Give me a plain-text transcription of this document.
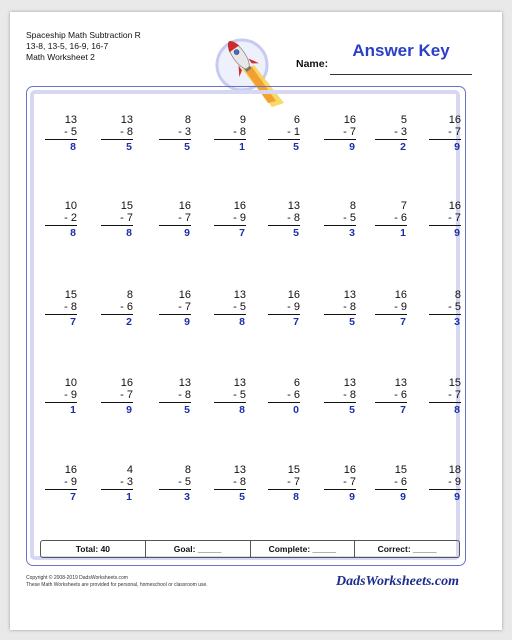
Spaceship Math Subtraction R
13-8, 13-5, 16-9, 16-7
Math Worksheet 2
Name:
Answer Key
Total: 40	Goal: _____	Complete: _____	Correct: _____
Copyright © 2008-2019 DadsWorksheets.com
These Math Worksheets are provided for personal, homeschool or classroom use.	DadsWorksheets.com
13
- 5
8
13
- 8
5
8
- 3
5
9
- 8
1
6
- 1
5
16
- 7
9
5
- 3
2
16
- 7
9
10
- 2
8
15
- 7
8
16
- 7
9
16
- 9
7
13
- 8
5
8
- 5
3
7
- 6
1
16
- 7
9
15
- 8
7
8
- 6
2
16
- 7
9
13
- 5
8
16
- 9
7
13
- 8
5
16
- 9
7
8
- 5
3
10
- 9
1
16
- 7
9
13
- 8
5
13
- 5
8
6
- 6
0
13
- 8
5
13
- 6
7
15
- 7
8
16
- 9
7
4
- 3
1
8
- 5
3
13
- 8
5
15
- 7
8
16
- 7
9
15
- 6
9
18
- 9
9
